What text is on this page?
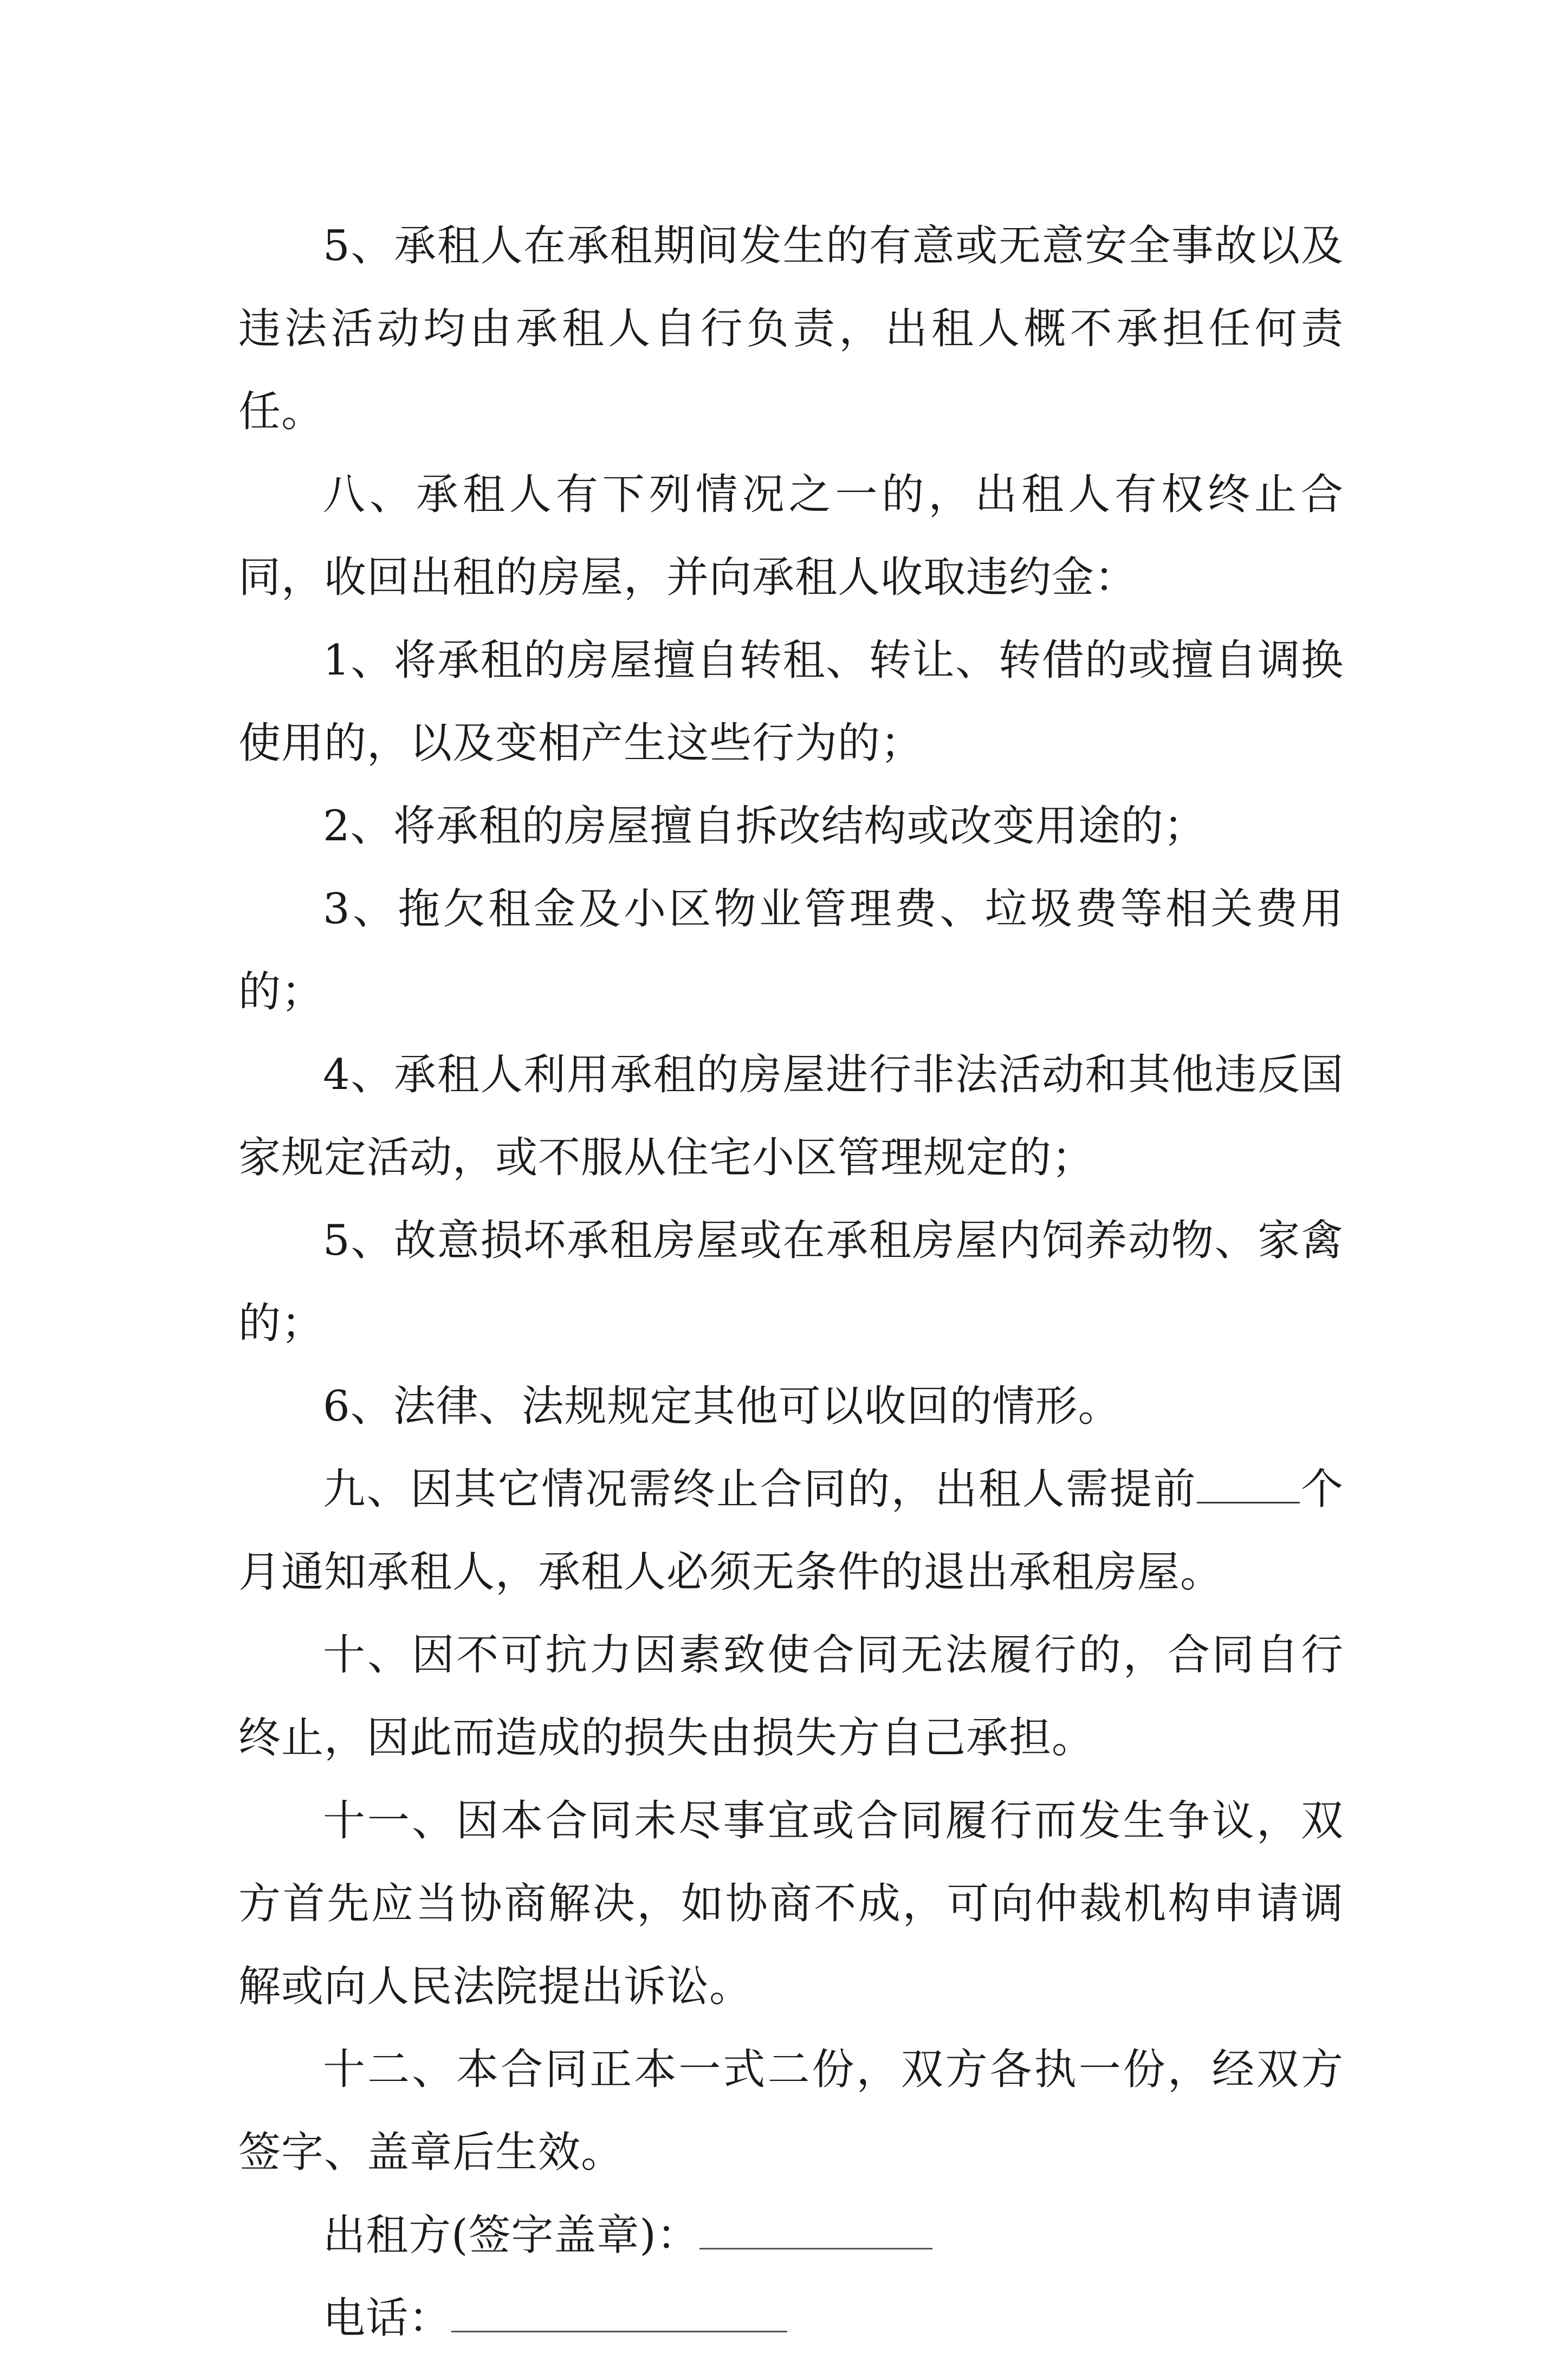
5、承租人在承租期间发生的有意或无意安全事故以及违法活动均由承租人自行负责，出租人概不承担任何责任。

八、承租人有下列情况之一的，出租人有权终止合同，收回出租的房屋，并向承租人收取违约金：

1、将承租的房屋擅自转租、转让、转借的或擅自调换使用的，以及变相产生这些行为的；

2、将承租的房屋擅自拆改结构或改变用途的；

3、拖欠租金及小区物业管理费、垃圾费等相关费用的；

4、承租人利用承租的房屋进行非法活动和其他违反国家规定活动，或不服从住宅小区管理规定的；

5、故意损坏承租房屋或在承租房屋内饲养动物、家禽的；

6、法律、法规规定其他可以收回的情形。

九、因其它情况需终止合同的，出租人需提前 个月通知承租人，承租人必须无条件的退出承租房屋。

十、因不可抗力因素致使合同无法履行的，合同自行终止，因此而造成的损失由损失方自己承担。

十一、因本合同未尽事宜或合同履行而发生争议，双方首先应当协商解决，如协商不成，可向仲裁机构申请调解或向人民法院提出诉讼。

十二、本合同正本一式二份，双方各执一份，经双方签字、盖章后生效。

出租方(签字盖章)：

电话：
